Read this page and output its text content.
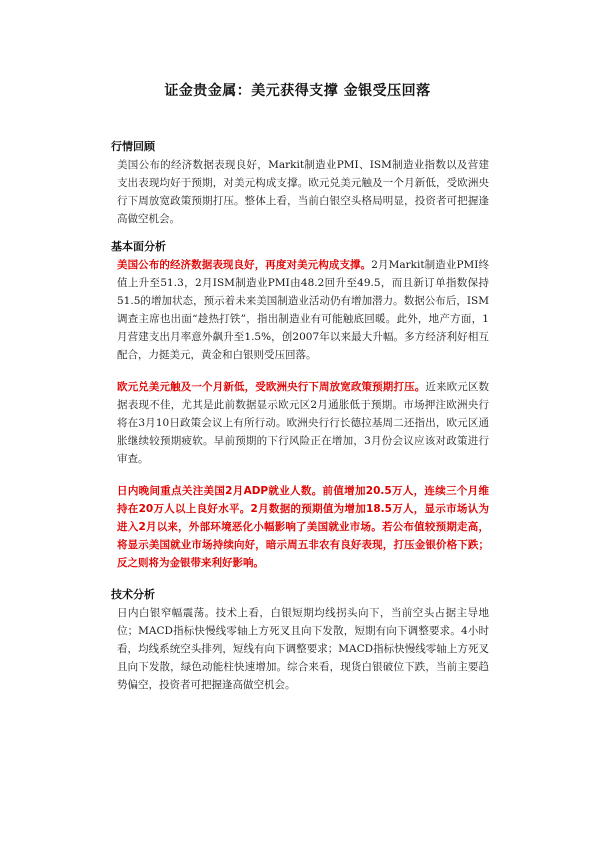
证金贵金属：美元获得支撑 金银受压回落
行情回顾

美国公布的经济数据表现良好，Markit制造业PMI、ISM制造业指数以及营建支出表现均好于预期，对美元构成支撑。欧元兑美元触及一个月新低，受欧洲央行下周放宽政策预期打压。整体上看，当前白银空头格局明显，投资者可把握逢高做空机会。

基本面分析

美国公布的经济数据表现良好，再度对美元构成支撑。2月Markit制造业PMI终值上升至51.3，2月ISM制造业PMI由48.2回升至49.5，而且新订单指数保持51.5的增加状态，预示着未来美国制造业活动仍有增加潜力。数据公布后，ISM调查主席也出面“趁热打铁”，指出制造业有可能触底回暖。此外，地产方面，1月营建支出月率意外飙升至1.5%，创2007年以来最大升幅。多方经济利好相互配合，力挺美元，黄金和白银则受压回落。

欧元兑美元触及一个月新低，受欧洲央行下周放宽政策预期打压。近来欧元区数据表现不佳，尤其是此前数据显示欧元区2月通胀低于预期。市场押注欧洲央行将在3月10日政策会议上有所行动。欧洲央行行长德拉基周二还指出，欧元区通胀继续较预期疲软。早前预期的下行风险正在增加，3月份会议应该对政策进行审查。

日内晚间重点关注美国2月ADP就业人数。前值增加20.5万人，连续三个月维持在20万人以上良好水平。2月数据的预期值为增加18.5万人，显示市场认为进入2月以来，外部环境恶化小幅影响了美国就业市场。若公布值较预期走高，将显示美国就业市场持续向好，暗示周五非农有良好表现，打压金银价格下跌；反之则将为金银带来利好影响。

技术分析

日内白银窄幅震荡。技术上看，白银短期均线拐头向下，当前空头占据主导地位；MACD指标快慢线零轴上方死叉且向下发散，短期有向下调整要求。4小时看，均线系统空头排列，短线有向下调整要求；MACD指标快慢线零轴上方死叉且向下发散，绿色动能柱快速增加。综合来看，现货白银破位下跌，当前主要趋势偏空，投资者可把握逢高做空机会。
